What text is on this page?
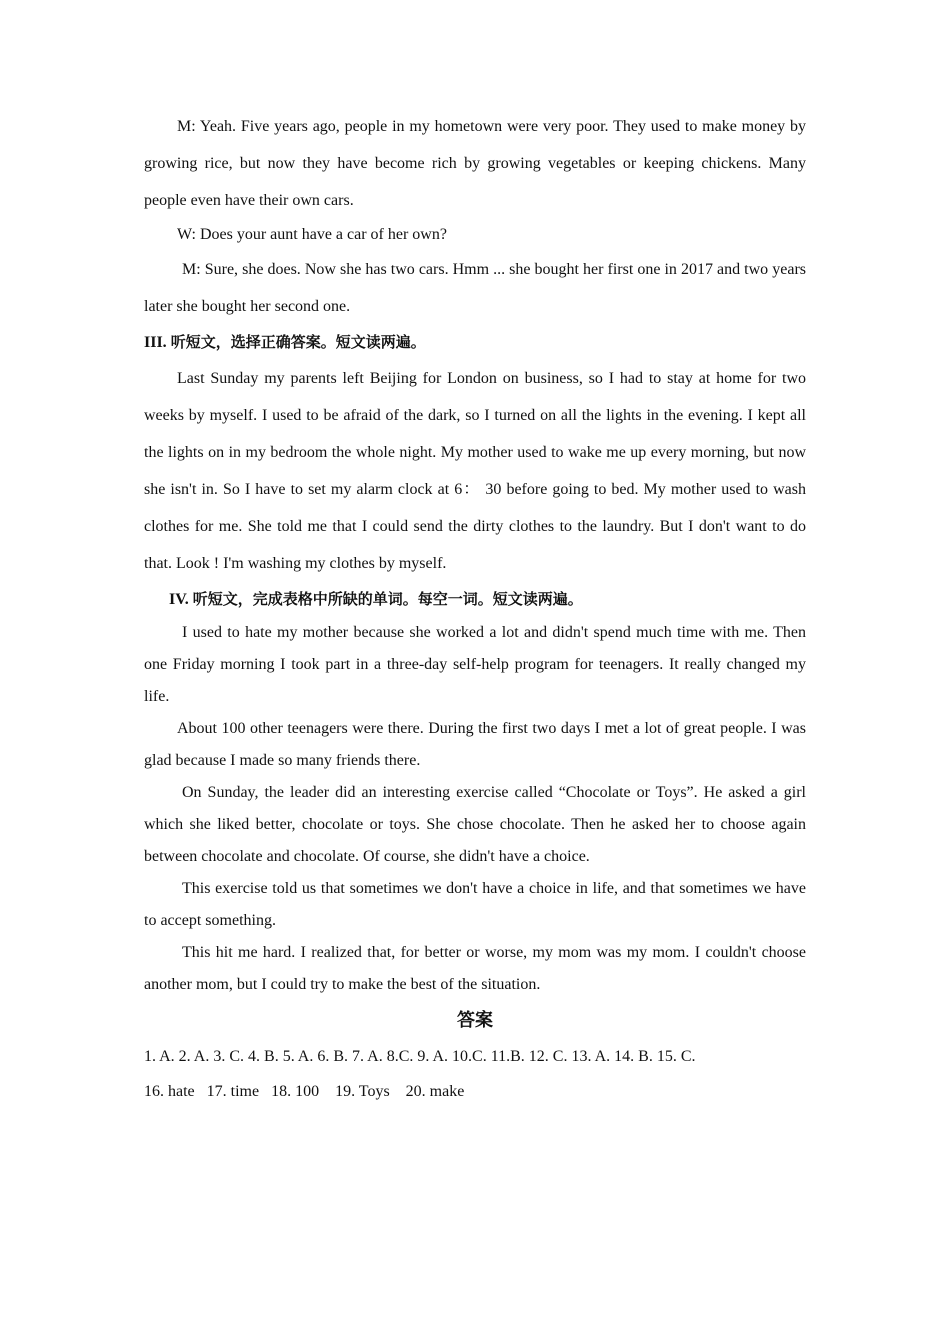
M: Yeah. Five years ago, people in my hometown were very poor. They used to make money by growing rice, but now they have become rich by growing vegetables or keeping chickens. Many people even have their own cars.

W: Does your aunt have a car of her own?

M: Sure, she does. Now she has two cars. Hmm ... she bought her first one in 2017 and two years later she bought her second one.

III. 听短文，选择正确答案。短文读两遍。

Last Sunday my parents left Beijing for London on business, so I had to stay at home for two weeks by myself. I used to be afraid of the dark, so I turned on all the lights in the evening. I kept all the lights on in my bedroom the whole night. My mother used to wake me up every morning, but now she isn't in. So I have to set my alarm clock at 6： 30 before going to bed. My mother used to wash clothes for me. She told me that I could send the dirty clothes to the laundry. But I don't want to do that. Look ! I'm washing my clothes by myself.

IV. 听短文，完成表格中所缺的单词。每空一词。短文读两遍。

I used to hate my mother because she worked a lot and didn't spend much time with me. Then one Friday morning I took part in a three-day self-help program for teenagers. It really changed my life.

About 100 other teenagers were there. During the first two days I met a lot of great people. I was glad because I made so many friends there.

On Sunday, the leader did an interesting exercise called “Chocolate or Toys”. He asked a girl which she liked better, chocolate or toys. She chose chocolate. Then he asked her to choose again between chocolate and chocolate. Of course, she didn't have a choice.

This exercise told us that sometimes we don't have a choice in life, and that sometimes we have to accept something.

This hit me hard. I realized that, for better or worse, my mom was my mom. I couldn't choose another mom, but I could try to make the best of the situation.

答案
1. A. 2. A. 3. C. 4. B. 5. A. 6. B. 7. A. 8.C. 9. A. 10.C. 11.B. 12. C. 13. A. 14. B. 15. C.
16. hate   17. time   18. 100    19. Toys    20. make
